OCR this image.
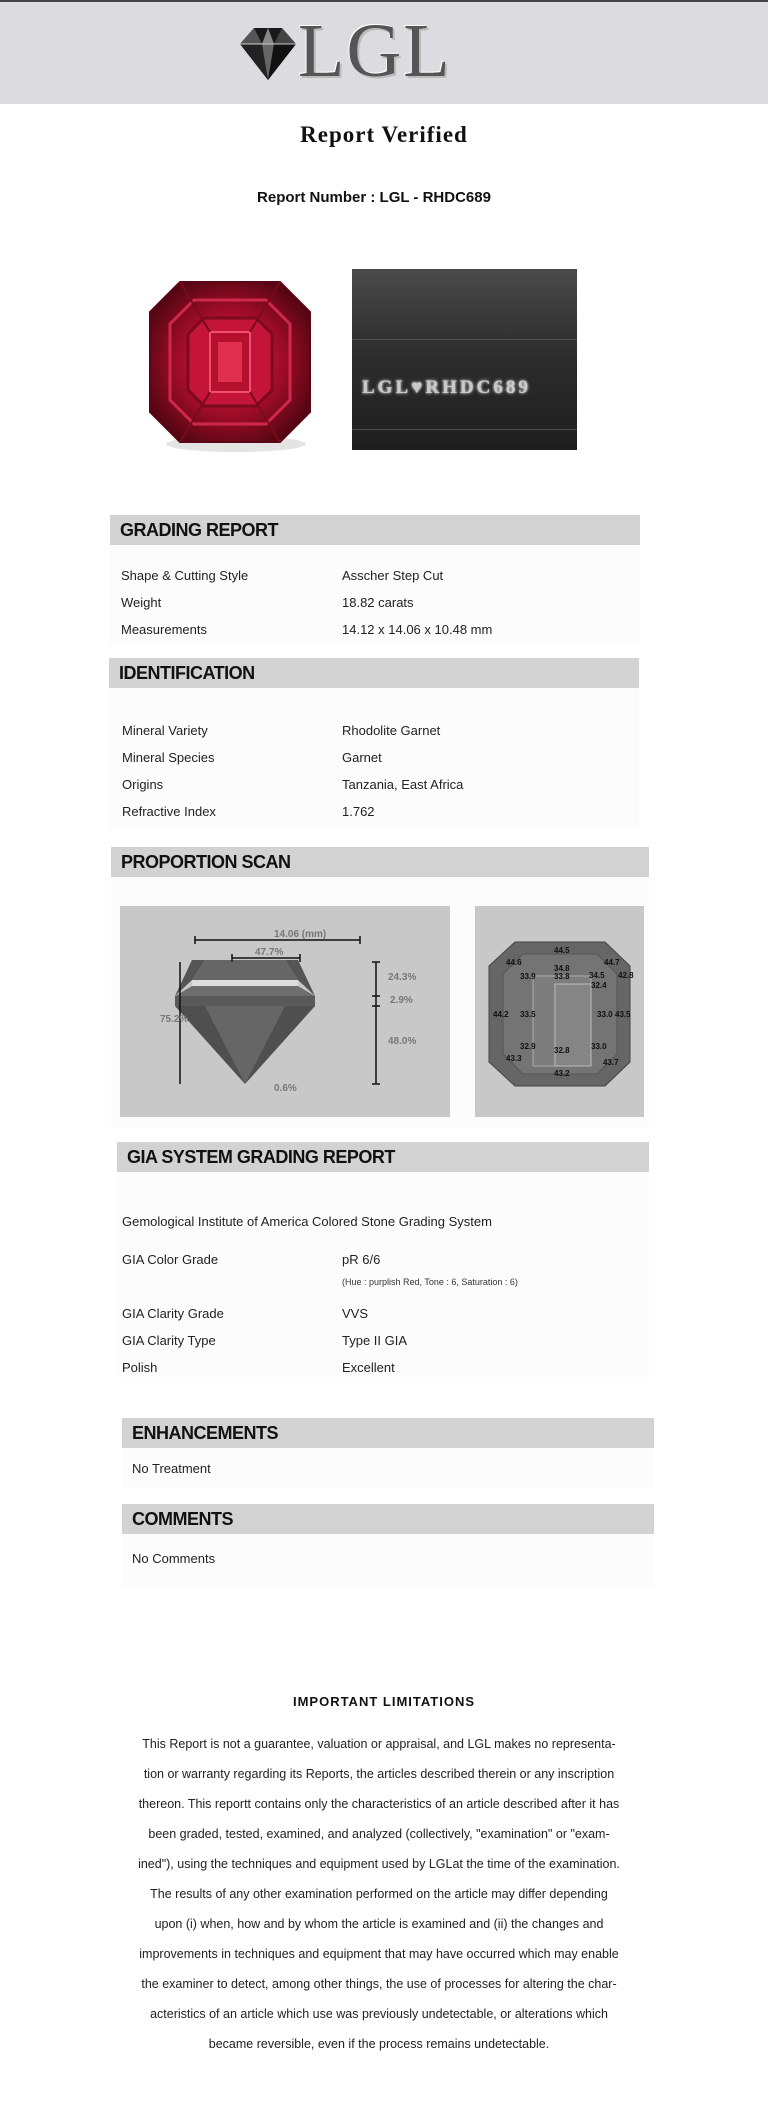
LGL
Report Verified
Report Number : LGL - RHDC689
LGL♥RHDC689
GRADING REPORT
Shape & Cutting Style	Asscher Step Cut
Weight	18.82 carats
Measurements	14.12 x 14.06 x 10.48 mm
IDENTIFICATION
Mineral Variety	Rhodolite Garnet
Mineral Species	Garnet
Origins	Tanzania, East Africa
Refractive Index	1.762
PROPORTION SCAN
14.06 (mm)
47.7%
75.2%
24.3%
2.9%
48.0%
0.6%
44.5
44.6	44.7
34.8
34.5
33.9 33.8
32.4
42.8
44.2 33.5	33.0 43.5
32.9 32.8	33.0
43.3	43.7
43.2
GIA SYSTEM GRADING REPORT
Gemological Institute of America Colored Stone Grading System
GIA Color Grade	pR 6/6
(Hue : purplish Red, Tone : 6, Saturation : 6)
GIA Clarity Grade	VVS
GIA Clarity Type	Type II GIA
Polish	Excellent
ENHANCEMENTS
No Treatment
COMMENTS
No Comments
IMPORTANT LIMITATIONS
This Report is not a guarantee, valuation or appraisal, and LGL makes no representa-
tion or warranty regarding its Reports, the articles described therein or any inscription
thereon. This reportt contains only the characteristics of an article described after it has
been graded, tested, examined, and analyzed (collectively, "examination" or "exam-
ined"), using the techniques and equipment used by LGLat the time of the examination.
The results of any other examination performed on the article may differ depending
upon (i) when, how and by whom the article is examined and (ii) the changes and
improvements in techniques and equipment that may have occurred which may enable
the examiner to detect, among other things, the use of processes for altering the char-
acteristics of an article which use was previously undetectable, or alterations which
became reversible, even if the process remains undetectable.
